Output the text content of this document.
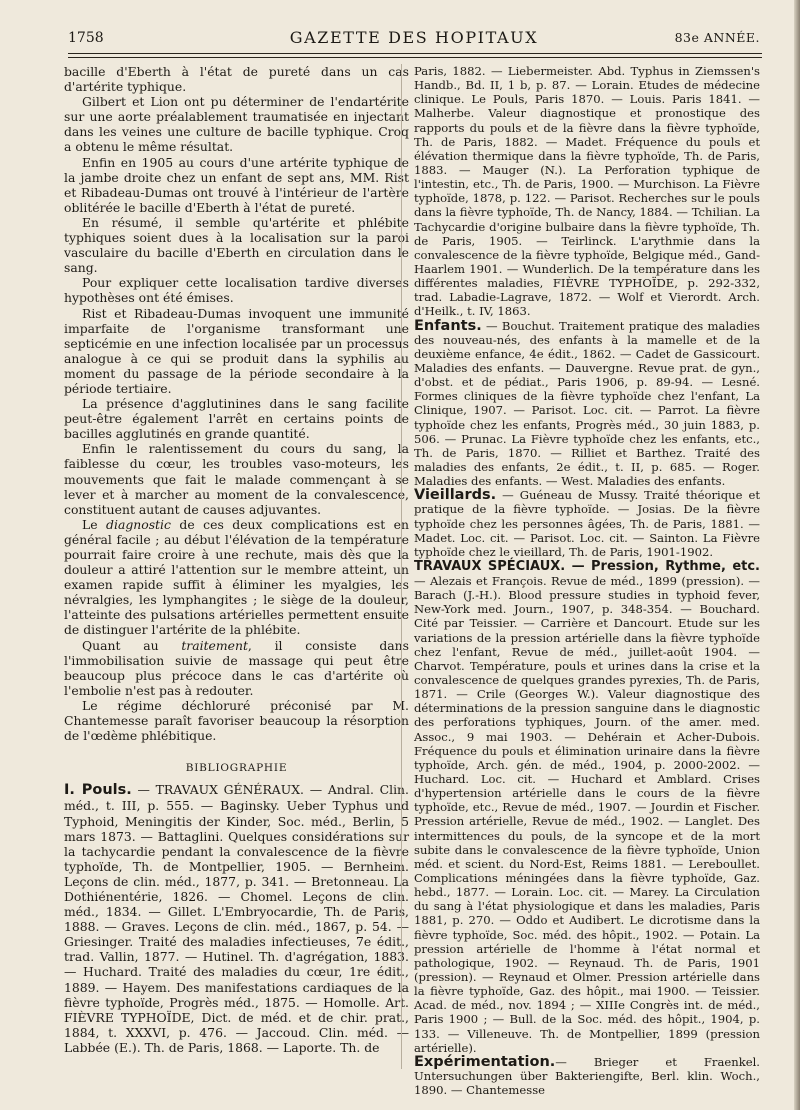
1758	GAZETTE DES HOPITAUX	83e ANNÉE.

bacille d'Eberth à l'état de pureté dans un cas d'artérite typhique.

Gilbert et Lion ont pu déterminer de l'endartérite sur une aorte préalablement traumatisée en injectant dans les veines une culture de bacille typhique. Croq a obtenu le même résultat.

Enfin en 1905 au cours d'une artérite typhique de la jambe droite chez un enfant de sept ans, MM. Rist et Ribadeau-Dumas ont trouvé à l'intérieur de l'artère oblitérée le bacille d'Eberth à l'état de pureté.

En résumé, il semble qu'artérite et phlébite typhiques soient dues à la localisation sur la paroi vasculaire du bacille d'Eberth en circulation dans le sang.

Pour expliquer cette localisation tardive diverses hypothèses ont été émises.

Rist et Ribadeau-Dumas invoquent une immunité imparfaite de l'organisme transformant une septicémie en une infection localisée par un processus analogue à ce qui se produit dans la syphilis au moment du passage de la période secondaire à la période tertiaire.

La présence d'agglutinines dans le sang facilite peut-être également l'arrêt en certains points de bacilles agglutinés en grande quantité.

Enfin le ralentissement du cours du sang, la faiblesse du cœur, les troubles vaso-moteurs, les mouvements que fait le malade commençant à se lever et à marcher au moment de la convalescence, constituent autant de causes adjuvantes.

Le diagnostic de ces deux complications est en général facile ; au début l'élévation de la température pourrait faire croire à une rechute, mais dès que la douleur a attiré l'attention sur le membre atteint, un examen rapide suffit à éliminer les myalgies, les névralgies, les lymphangites ; le siège de la douleur, l'atteinte des pulsations artérielles permettent ensuite de distinguer l'artérite de la phlébite.

Quant au traitement, il consiste dans l'immobilisation suivie de massage qui peut être beaucoup plus précoce dans le cas d'artérite où l'embolie n'est pas à redouter.

Le régime déchloruré préconisé par M. Chantemesse paraît favoriser beaucoup la résorption de l'œdème phlébitique.

BIBLIOGRAPHIE

I. Pouls. — TRAVAUX GÉNÉRAUX. — Andral. Clin. méd., t. III, p. 555. — Baginsky. Ueber Typhus und Typhoid, Meningitis der Kinder, Soc. méd., Berlin, 5 mars 1873. — Battaglini. Quelques considérations sur la tachycardie pendant la convalescence de la fièvre typhoïde, Th. de Montpellier, 1905. — Bernheim. Leçons de clin. méd., 1877, p. 341. — Bretonneau. La Dothiénentérie, 1826. — Chomel. Leçons de clin. méd., 1834. — Gillet. L'Embryocardie, Th. de Paris, 1888. — Graves. Leçons de clin. méd., 1867, p. 54. — Griesinger. Traité des maladies infectieuses, 7e édit., trad. Vallin, 1877. — Hutinel. Th. d'agrégation, 1883. — Huchard. Traité des maladies du cœur, 1re édit., 1889. — Hayem. Des manifestations cardiaques de la fièvre typhoïde, Progrès méd., 1875. — Homolle. Art. FIÈVRE TYPHOÏDE, Dict. de méd. et de chir. prat., 1884, t. XXXVI, p. 476. — Jaccoud. Clin. méd. — Labbée (E.). Th. de Paris, 1868. — Laporte. Th. de

Paris, 1882. — Liebermeister. Abd. Typhus in Ziemssen's Handb., Bd. II, 1 b, p. 87. — Lorain. Etudes de médecine clinique. Le Pouls, Paris 1870. — Louis. Paris 1841. — Malherbe. Valeur diagnostique et pronostique des rapports du pouls et de la fièvre dans la fièvre typhoïde, Th. de Paris, 1882. — Madet. Fréquence du pouls et élévation thermique dans la fièvre typhoïde, Th. de Paris, 1883. — Mauger (N.). La Perforation typhique de l'intestin, etc., Th. de Paris, 1900. — Murchison. La Fièvre typhoïde, 1878, p. 122. — Parisot. Recherches sur le pouls dans la fièvre typhoïde, Th. de Nancy, 1884. — Tchilian. La Tachycardie d'origine bulbaire dans la fièvre typhoïde, Th. de Paris, 1905. — Teirlinck. L'arythmie dans la convalescence de la fièvre typhoïde, Belgique méd., Gand-Haarlem 1901. — Wunderlich. De la température dans les différentes maladies, FIÈVRE TYPHOÏDE, p. 292-332, trad. Labadie-Lagrave, 1872. — Wolf et Vierordt. Arch. d'Heilk., t. IV, 1863.

Enfants. — Bouchut. Traitement pratique des maladies des nouveau-nés, des enfants à la mamelle et de la deuxième enfance, 4e édit., 1862. — Cadet de Gassicourt. Maladies des enfants. — Dauvergne. Revue prat. de gyn., d'obst. et de pédiat., Paris 1906, p. 89-94. — Lesné. Formes cliniques de la fièvre typhoïde chez l'enfant, La Clinique, 1907. — Parisot. Loc. cit. — Parrot. La fièvre typhoïde chez les enfants, Progrès méd., 30 juin 1883, p. 506. — Prunac. La Fièvre typhoïde chez les enfants, etc., Th. de Paris, 1870. — Rilliet et Barthez. Traité des maladies des enfants, 2e édit., t. II, p. 685. — Roger. Maladies des enfants. — West. Maladies des enfants.

Vieillards. — Guéneau de Mussy. Traité théorique et pratique de la fièvre typhoïde. — Josias. De la fièvre typhoïde chez les personnes âgées, Th. de Paris, 1881. — Madet. Loc. cit. — Parisot. Loc. cit. — Sainton. La Fièvre typhoïde chez le vieillard, Th. de Paris, 1901-1902.

TRAVAUX SPÉCIAUX. — Pression, Rythme, etc. — Alezais et François. Revue de méd., 1899 (pression). — Barach (J.-H.). Blood pressure studies in typhoid fever, New-York med. Journ., 1907, p. 348-354. — Bouchard. Cité par Teissier. — Carrière et Dancourt. Etude sur les variations de la pression artérielle dans la fièvre typhoïde chez l'enfant, Revue de méd., juillet-août 1904. — Charvot. Température, pouls et urines dans la crise et la convalescence de quelques grandes pyrexies, Th. de Paris, 1871. — Crile (Georges W.). Valeur diagnostique des déterminations de la pression sanguine dans le diagnostic des perforations typhiques, Journ. of the amer. med. Assoc., 9 mai 1903. — Dehérain et Acher-Dubois. Fréquence du pouls et élimination urinaire dans la fièvre typhoïde, Arch. gén. de méd., 1904, p. 2000-2002. — Huchard. Loc. cit. — Huchard et Amblard. Crises d'hypertension artérielle dans le cours de la fièvre typhoïde, etc., Revue de méd., 1907. — Jourdin et Fischer. Pression artérielle, Revue de méd., 1902. — Langlet. Des intermittences du pouls, de la syncope et de la mort subite dans le convalescence de la fièvre typhoïde, Union méd. et scient. du Nord-Est, Reims 1881. — Lereboullet. Complications méningées dans la fièvre typhoïde, Gaz. hebd., 1877. — Lorain. Loc. cit. — Marey. La Circulation du sang à l'état physiologique et dans les maladies, Paris 1881, p. 270. — Oddo et Audibert. Le dicrotisme dans la fièvre typhoïde, Soc. méd. des hôpit., 1902. — Potain. La pression artérielle de l'homme à l'état normal et pathologique, 1902. — Reynaud. Th. de Paris, 1901 (pression). — Reynaud et Olmer. Pression artérielle dans la fièvre typhoïde, Gaz. des hôpit., mai 1900. — Teissier. Acad. de méd., nov. 1894 ; — XIIIe Congrès int. de méd., Paris 1900 ; — Bull. de la Soc. méd. des hôpit., 1904, p. 133. — Villeneuve. Th. de Montpellier, 1899 (pression artérielle).

Expérimentation.— Brieger et Fraenkel. Untersuchungen über Bakteriengifte, Berl. klin. Woch., 1890. — Chantemesse
